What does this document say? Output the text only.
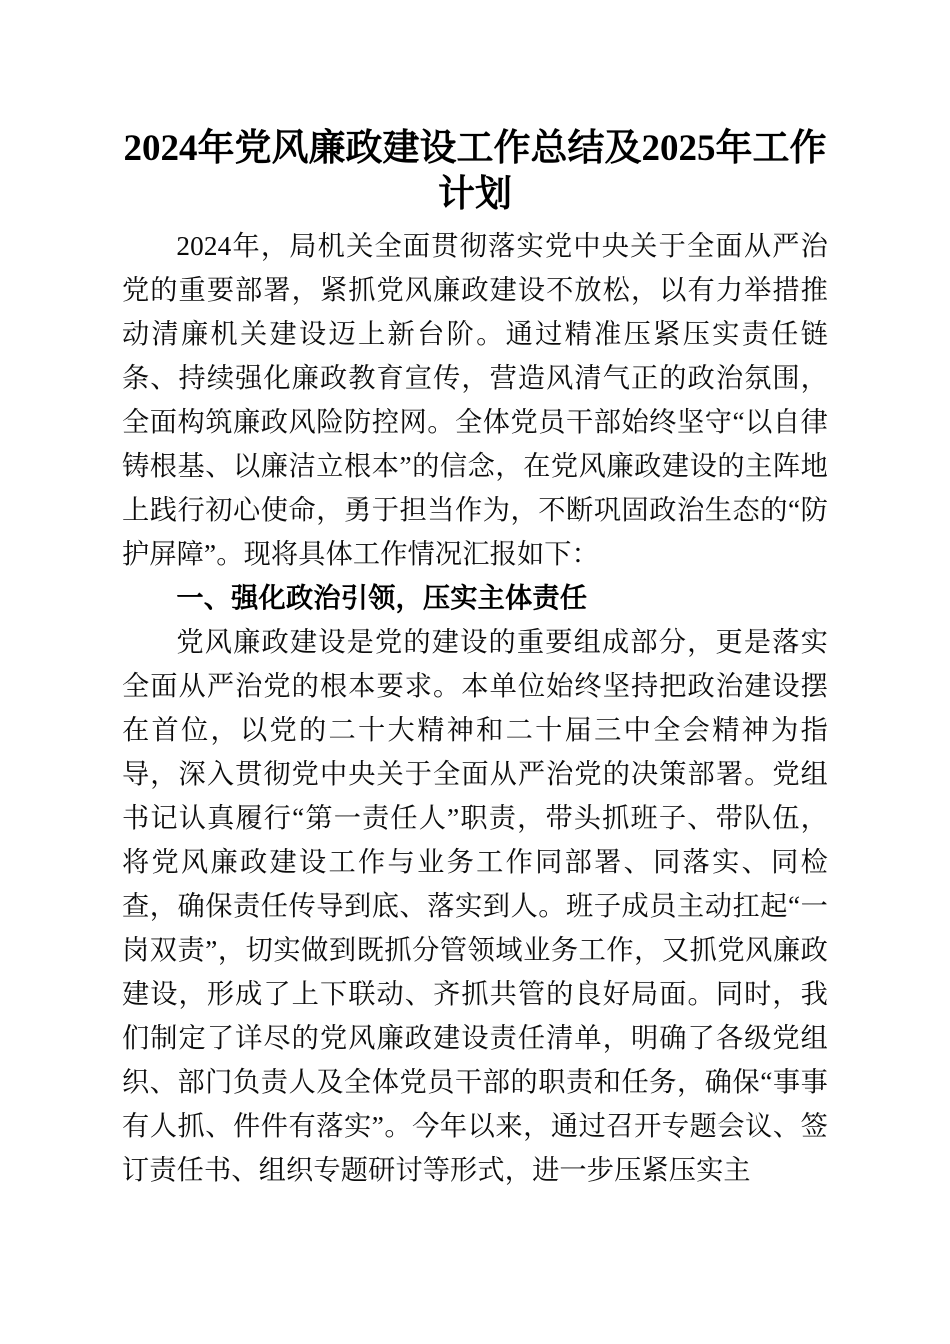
2024年党风廉政建设工作总结及2025年工作计划

2024年，局机关全面贯彻落实党中央关于全面从严治党的重要部署，紧抓党风廉政建设不放松，以有力举措推动清廉机关建设迈上新台阶。通过精准压紧压实责任链条、持续强化廉政教育宣传，营造风清气正的政治氛围，全面构筑廉政风险防控网。全体党员干部始终坚守“以自律铸根基、以廉洁立根本”的信念，在党风廉政建设的主阵地上践行初心使命，勇于担当作为，不断巩固政治生态的“防护屏障”。现将具体工作情况汇报如下：

一、强化政治引领，压实主体责任

党风廉政建设是党的建设的重要组成部分，更是落实全面从严治党的根本要求。本单位始终坚持把政治建设摆在首位，以党的二十大精神和二十届三中全会精神为指导，深入贯彻党中央关于全面从严治党的决策部署。党组书记认真履行“第一责任人”职责，带头抓班子、带队伍，将党风廉政建设工作与业务工作同部署、同落实、同检查，确保责任传导到底、落实到人。班子成员主动扛起“一岗双责”，切实做到既抓分管领域业务工作，又抓党风廉政建设，形成了上下联动、齐抓共管的良好局面。同时，我们制定了详尽的党风廉政建设责任清单，明确了各级党组织、部门负责人及全体党员干部的职责和任务，确保“事事有人抓、件件有落实”。今年以来，通过召开专题会议、签订责任书、组织专题研讨等形式，进一步压紧压实主
